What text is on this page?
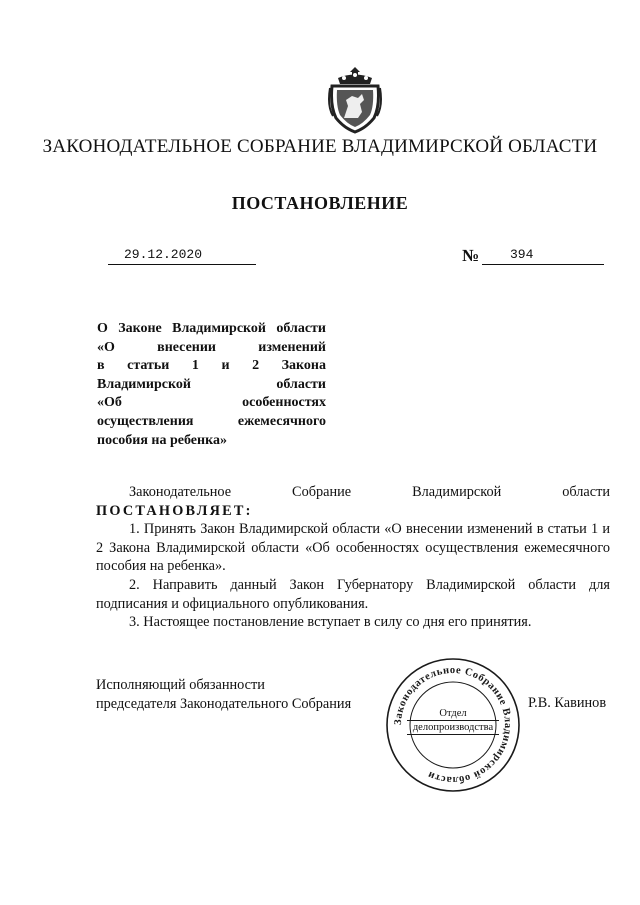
ЗАКОНОДАТЕЛЬНОЕ СОБРАНИЕ ВЛАДИМИРСКОЙ ОБЛАСТИ
ПОСТАНОВЛЕНИЕ
29.12.2020	№	394
О Законе Владимирской области
«О внесении изменений
в статьи 1 и 2 Закона
Владимирской области
«Об особенностях
осуществления ежемесячного
пособия на ребенка»
Законодательное Собрание Владимирской области
ПОСТАНОВЛЯЕТ:

1. Принять Закон Владимирской области «О внесении изменений в статьи 1 и 2 Закона Владимирской области «Об особенностях осуществления ежемесячного пособия на ребенка».

2. Направить данный Закон Губернатору Владимирской области для подписания и официального опубликования.

3. Настоящее постановление вступает в силу со дня его принятия.

Исполняющий обязанности
председателя Законодательного Собрания	Р.В. Кавинов
Законодательное Собрание Владимирской области
Отдел
делопроизводства
